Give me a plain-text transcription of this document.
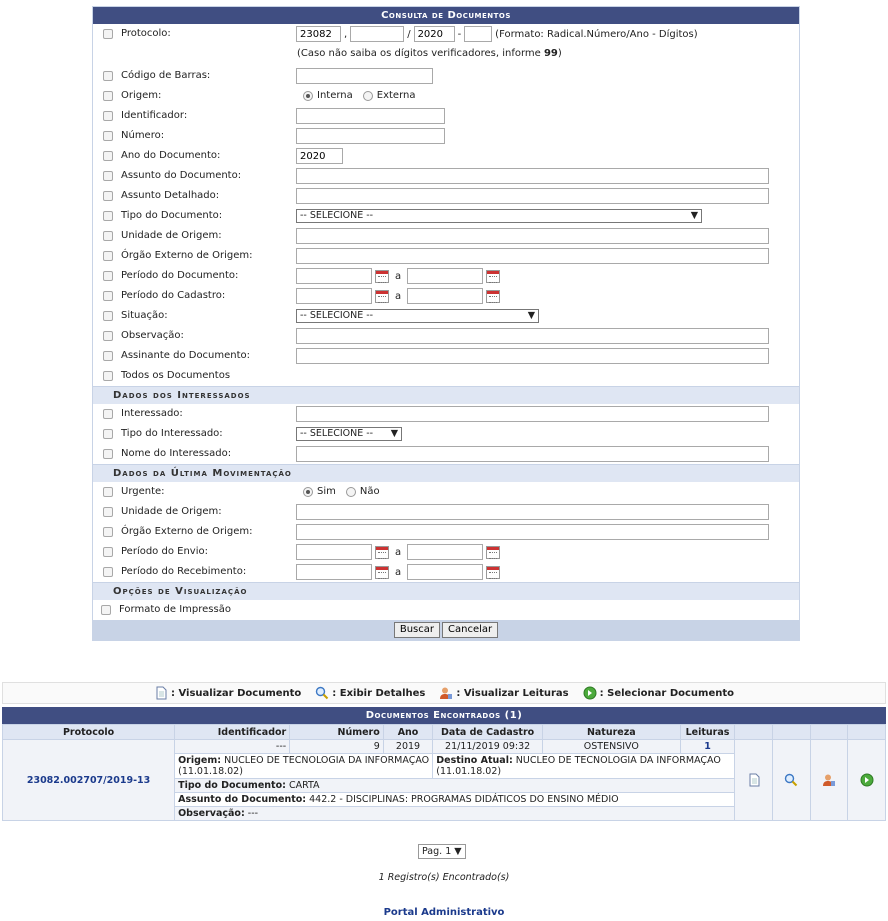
Consulta de Documentos
Protocolo:
23082	,	/
2020	-	(Formato: Radical.Número/Ano - Dígitos)
(Caso não saiba os dígitos verificadores, informe 99)
Código de Barras:
Origem:	Interna Externa
Identificador:
Número:
Ano do Documento:
2020
Assunto do Documento:
Assunto Detalhado:
Tipo do Documento:	-- SELECIONE --	▼
Unidade de Origem:
Órgão Externo de Origem:
Período do Documento:	a
Período do Cadastro:	a
Situação:	-- SELECIONE --	▼
Observação:
Assinante do Documento:
Todos os Documentos
Dados dos Interessados
Interessado:
Tipo do Interessado:	-- SELECIONE -- ▼
Nome do Interessado:
Dados da Última Movimentação
Urgente:	Sim Não
Unidade de Origem:
Órgão Externo de Origem:
Período do Envio:	a
Período do Recebimento:	a
Opções de Visualização
Formato de Impressão
Buscar	Cancelar
: Visualizar Documento	: Exibir Detalhes	: Visualizar Leituras	: Selecionar Documento
Documentos Encontrados (1)
Protocolo	Identificador	Número	Ano	Data de Cadastro	Natureza	Leituras				
23082.002707/2019-13	---	9	2019	21/11/2019 09:32	OSTENSIVO	1				
	Origem: NUCLEO DE TECNOLOGIA DA INFORMAÇAO (11.01.18.02)			Destino Atual: NUCLEO DE TECNOLOGIA DA INFORMAÇAO (11.01.18.02)						
	Tipo do Documento: CARTA									
	Assunto do Documento: 442.2 - DISCIPLINAS: PROGRAMAS DIDÁTICOS DO ENSINO MÉDIO									
	Observação: ---									
Pag. 1 ▼
1 Registro(s) Encontrado(s)
Portal Administrativo
